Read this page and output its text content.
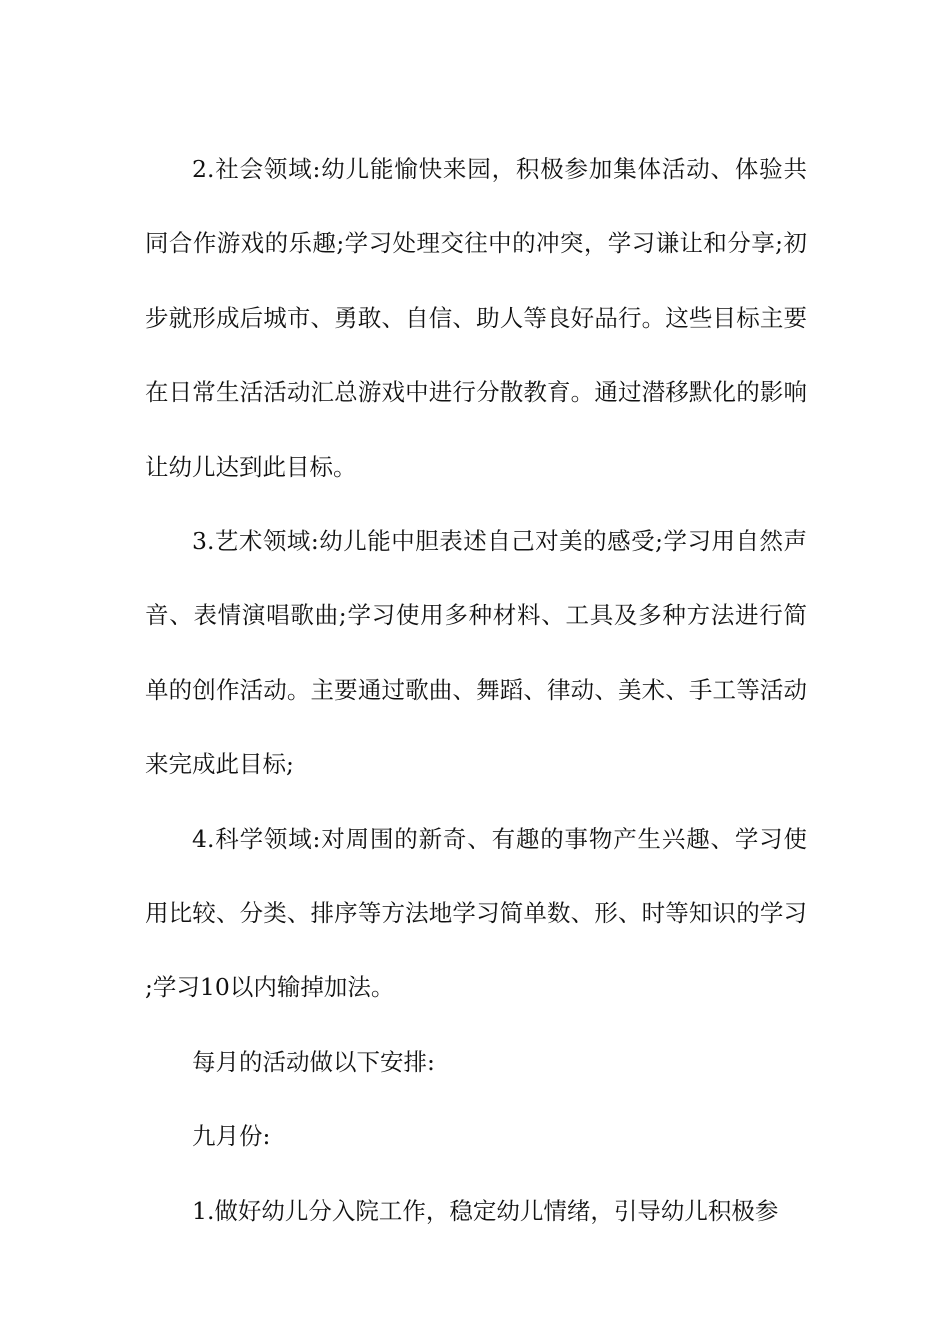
2.社会领域:幼儿能愉快来园，积极参加集体活动、体验共同合作游戏的乐趣;学习处理交往中的冲突，学习谦让和分享;初步就形成后城市、勇敢、自信、助人等良好品行。这些目标主要在日常生活活动汇总游戏中进行分散教育。通过潜移默化的影响让幼儿达到此目标。

3.艺术领域:幼儿能中胆表述自己对美的感受;学习用自然声音、表情演唱歌曲;学习使用多种材料、工具及多种方法进行简单的创作活动。主要通过歌曲、舞蹈、律动、美术、手工等活动来完成此目标;

4.科学领域:对周围的新奇、有趣的事物产生兴趣、学习使用比较、分类、排序等方法地学习简单数、形、时等知识的学习;学习10以内输掉加法。

每月的活动做以下安排:

九月份:

1.做好幼儿分入院工作，稳定幼儿情绪，引导幼儿积极参
